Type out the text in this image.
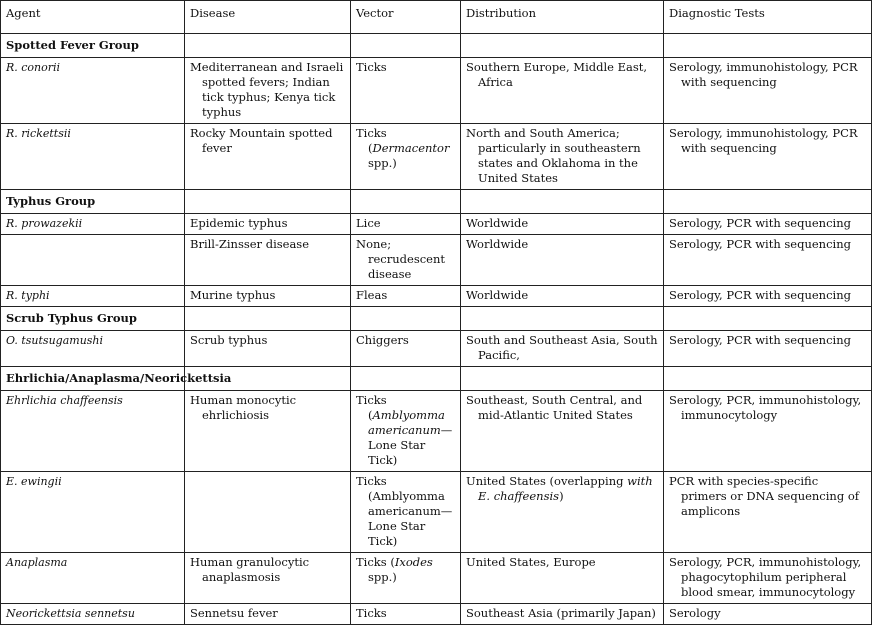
Agent	Disease	Vector	Distribution	Diagnostic Tests
Spotted Fever Group				
R. conorii	Mediterranean and Israeli spotted fevers; Indian tick typhus; Kenya tick typhus	Ticks	Southern Europe, Middle East, Africa	Serology, immunohistology, PCR with sequencing

R. rickettsii	Rocky Mountain spotted fever	Ticks (Dermacentor spp.)	North and South America; particularly in southeastern states and Oklahoma in the United States	Serology, immunohistology, PCR with sequencing

Typhus Group				
R. prowazekii	Epidemic typhus	Lice	Worldwide	Serology, PCR with sequencing

	Brill-Zinsser disease	None; recrudescent disease	Worldwide	Serology, PCR with sequencing

R. typhi	Murine typhus	Fleas	Worldwide	Serology, PCR with sequencing

Scrub Typhus Group				
O. tsutsugamushi	Scrub typhus	Chiggers	South and Southeast Asia, South Pacific,	Serology, PCR with sequencing

Ehrlichia/Anaplasma/Neorickettsia				
Ehrlichia chaffeensis	Human monocytic ehrlichiosis	Ticks (Amblyomma americanum—Lone Star Tick)	Southeast, South Central, and mid-Atlantic United States	Serology, PCR, immunohistology, immunocytology

E. ewingii		Ticks (Amblyomma americanum—Lone Star Tick)	United States (overlapping with E. chaffeensis)	PCR with species-specific primers or DNA sequencing of amplicons

Anaplasma	Human granulocytic anaplasmosis	Ticks (Ixodes spp.)	United States, Europe	Serology, PCR, immunohistology, phagocytophilum peripheral blood smear, immunocytology

Neorickettsia sennetsu	Sennetsu fever	Ticks	Southeast Asia (primarily Japan)	Serology
